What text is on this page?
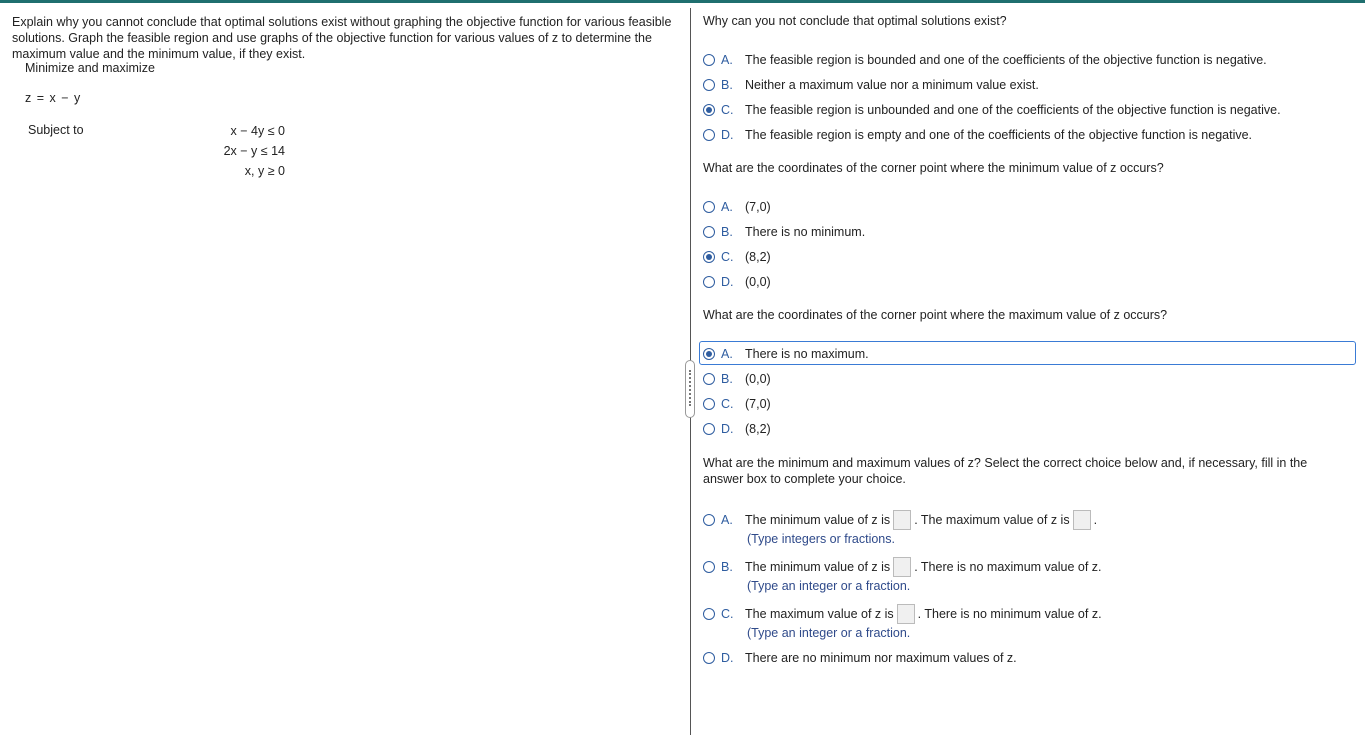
Explain why you cannot conclude that optimal solutions exist without graphing the objective function for various feasible solutions. Graph the feasible region and use graphs of the objective function for various values of z to determine the maximum value and the minimum value, if they exist.

Minimize and maximize
z = x − y
Subject to	x − 4y ≤ 0
2x − y ≤ 14
x, y ≥ 0
Why can you not conclude that optimal solutions exist?
A. The feasible region is bounded and one of the coefficients of the objective function is negative.
B. Neither a maximum value nor a minimum value exist.
C. The feasible region is unbounded and one of the coefficients of the objective function is negative.
D. The feasible region is empty and one of the coefficients of the objective function is negative.
What are the coordinates of the corner point where the minimum value of z occurs?
A. (7,0)
B. There is no minimum.
C. (8,2)
D. (0,0)
What are the coordinates of the corner point where the maximum value of z occurs?
A. There is no maximum.
B. (0,0)
C. (7,0)
D. (8,2)
What are the minimum and maximum values of z? Select the correct choice below and, if necessary, fill in the answer box to complete your choice.
A. The minimum value of z is . The maximum value of z is .
(Type integers or fractions.
B. The minimum value of z is . There is no maximum value of z.
(Type an integer or a fraction.
C. The maximum value of z is . There is no minimum value of z.
(Type an integer or a fraction.
D. There are no minimum nor maximum values of z.
